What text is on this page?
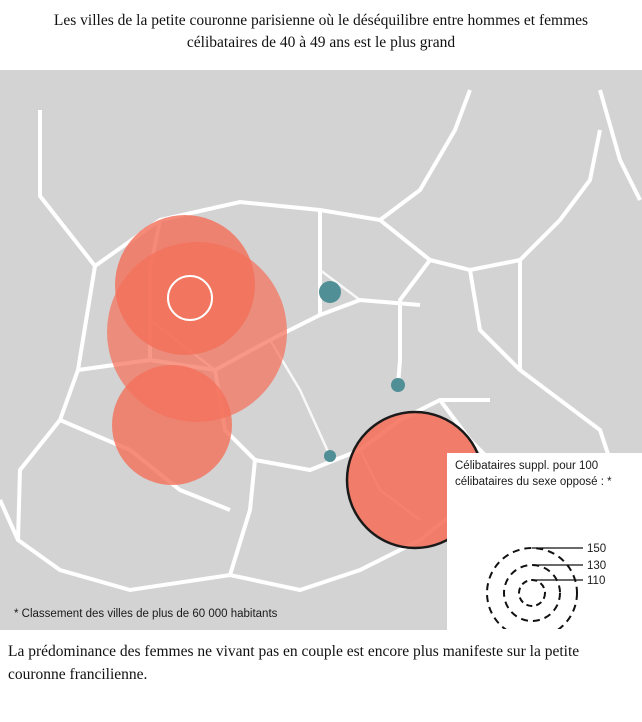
Les villes de la petite couronne parisienne où le déséquilibre entre hommes et femmes célibataires de 40 à 49 ans est le plus grand
* Classement des villes de plus de 60 000 habitants
Célibataires suppl. pour 100 célibataires du sexe opposé : *
150
130
110
La prédominance des femmes ne vivant pas en couple est encore plus manifeste sur la petite couronne francilienne.
